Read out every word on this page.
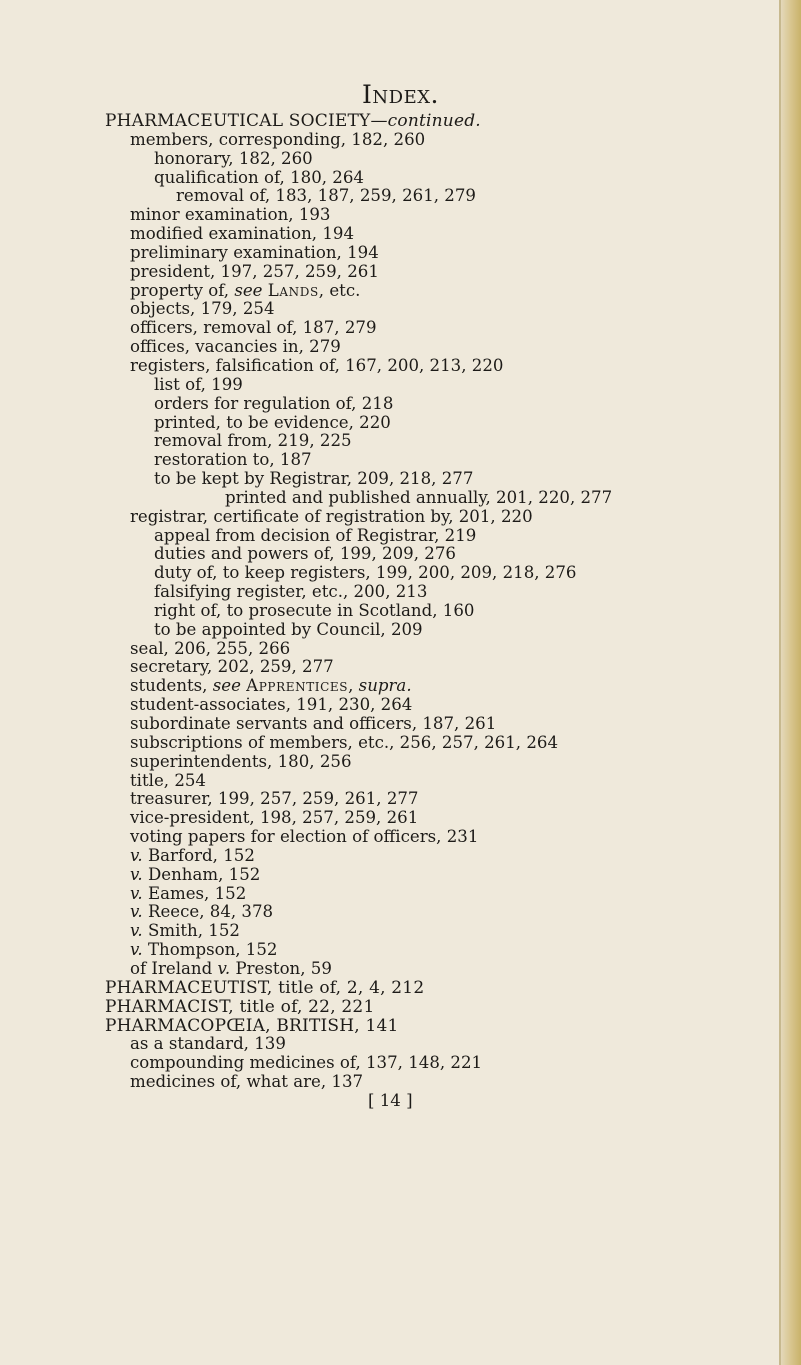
Index.
PHARMACEUTICAL SOCIETY—continued.
members, corresponding, 182, 260
honorary, 182, 260
qualification of, 180, 264
removal of, 183, 187, 259, 261, 279
minor examination, 193
modified examination, 194
preliminary examination, 194
president, 197, 257, 259, 261
property of, see Lands, etc.
objects, 179, 254
officers, removal of, 187, 279
offices, vacancies in, 279
registers, falsification of, 167, 200, 213, 220
list of, 199
orders for regulation of, 218
printed, to be evidence, 220
removal from, 219, 225
restoration to, 187
to be kept by Registrar, 209, 218, 277
printed and published annually, 201, 220, 277
registrar, certificate of registration by, 201, 220
appeal from decision of Registrar, 219
duties and powers of, 199, 209, 276
duty of, to keep registers, 199, 200, 209, 218, 276
falsifying register, etc., 200, 213
right of, to prosecute in Scotland, 160
to be appointed by Council, 209
seal, 206, 255, 266
secretary, 202, 259, 277
students, see Apprentices, supra.
student-associates, 191, 230, 264
subordinate servants and officers, 187, 261
subscriptions of members, etc., 256, 257, 261, 264
superintendents, 180, 256
title, 254
treasurer, 199, 257, 259, 261, 277
vice-president, 198, 257, 259, 261
voting papers for election of officers, 231
v. Barford, 152
v. Denham, 152
v. Eames, 152
v. Reece, 84, 378
v. Smith, 152
v. Thompson, 152
of Ireland v. Preston, 59
PHARMACEUTIST, title of, 2, 4, 212
PHARMACIST, title of, 22, 221
PHARMACOPŒIA, BRITISH, 141
as a standard, 139
compounding medicines of, 137, 148, 221
medicines of, what are, 137
[ 14 ]
